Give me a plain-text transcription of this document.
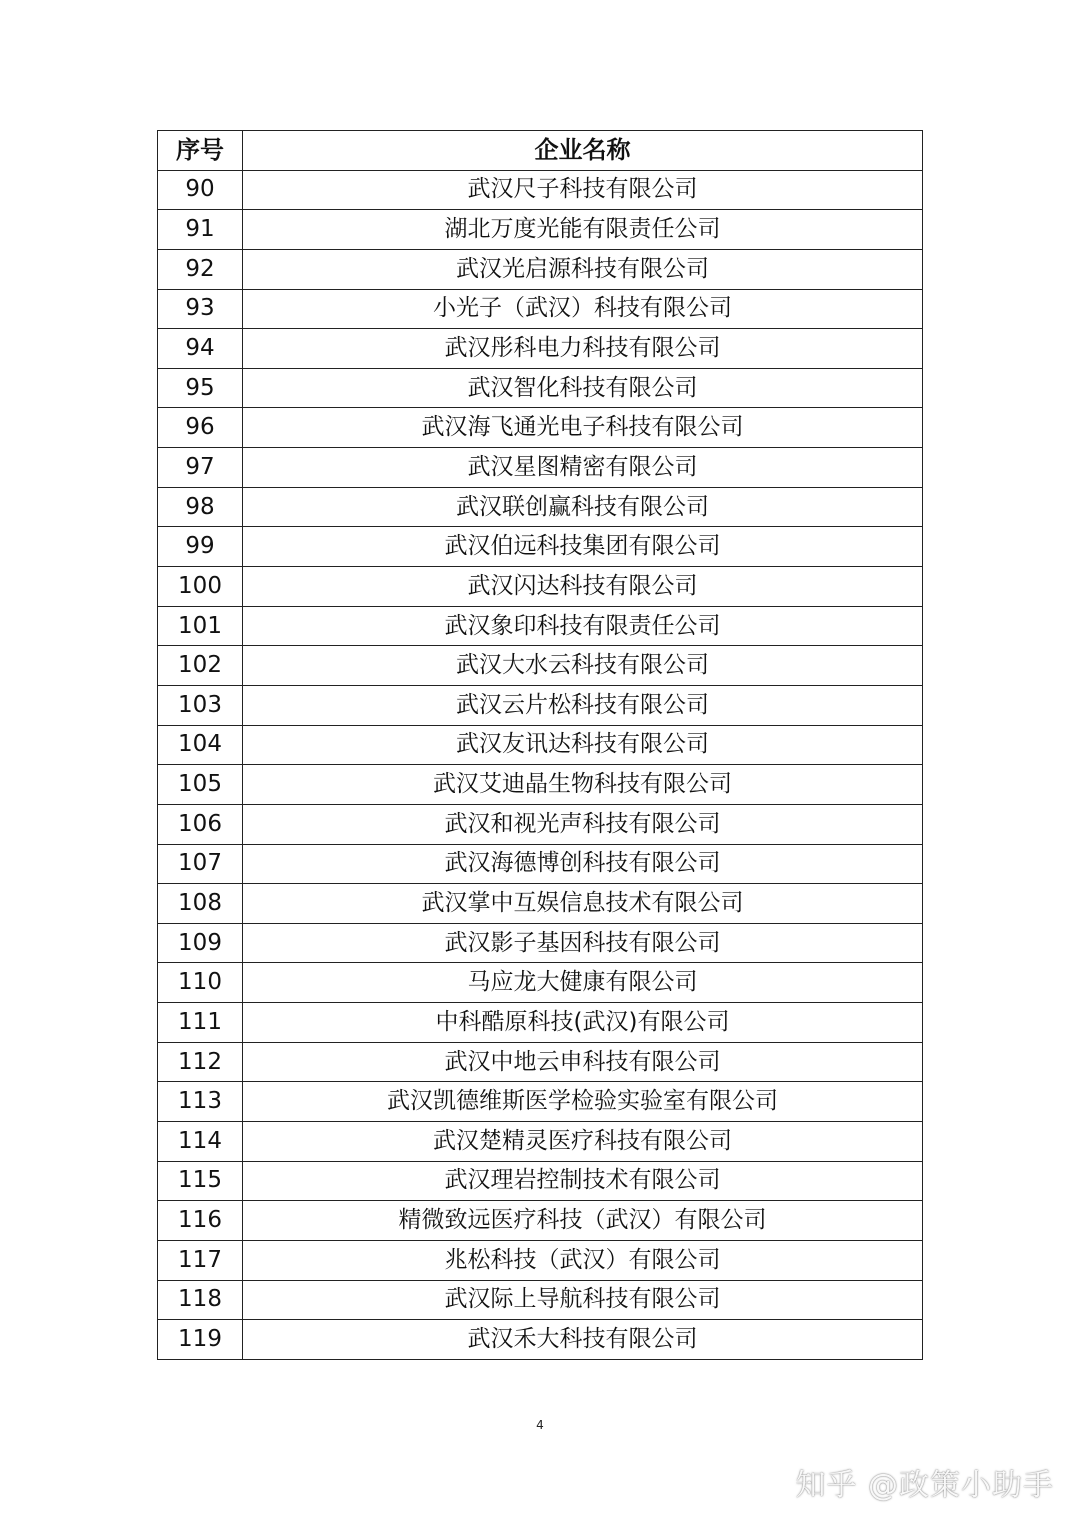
序号	企业名称
90	武汉尺子科技有限公司
91	湖北万度光能有限责任公司
92	武汉光启源科技有限公司
93	小光子（武汉）科技有限公司
94	武汉彤科电力科技有限公司
95	武汉智化科技有限公司
96	武汉海飞通光电子科技有限公司
97	武汉星图精密有限公司
98	武汉联创赢科技有限公司
99	武汉伯远科技集团有限公司
100	武汉闪达科技有限公司
101	武汉象印科技有限责任公司
102	武汉大水云科技有限公司
103	武汉云片松科技有限公司
104	武汉友讯达科技有限公司
105	武汉艾迪晶生物科技有限公司
106	武汉和视光声科技有限公司
107	武汉海德博创科技有限公司
108	武汉掌中互娱信息技术有限公司
109	武汉影子基因科技有限公司
110	马应龙大健康有限公司
111	中科酷原科技(武汉)有限公司
112	武汉中地云申科技有限公司
113	武汉凯德维斯医学检验实验室有限公司
114	武汉楚精灵医疗科技有限公司
115	武汉理岩控制技术有限公司
116	精微致远医疗科技（武汉）有限公司
117	兆松科技（武汉）有限公司
118	武汉际上导航科技有限公司
119	武汉禾大科技有限公司
4
知乎 @政策小助手
